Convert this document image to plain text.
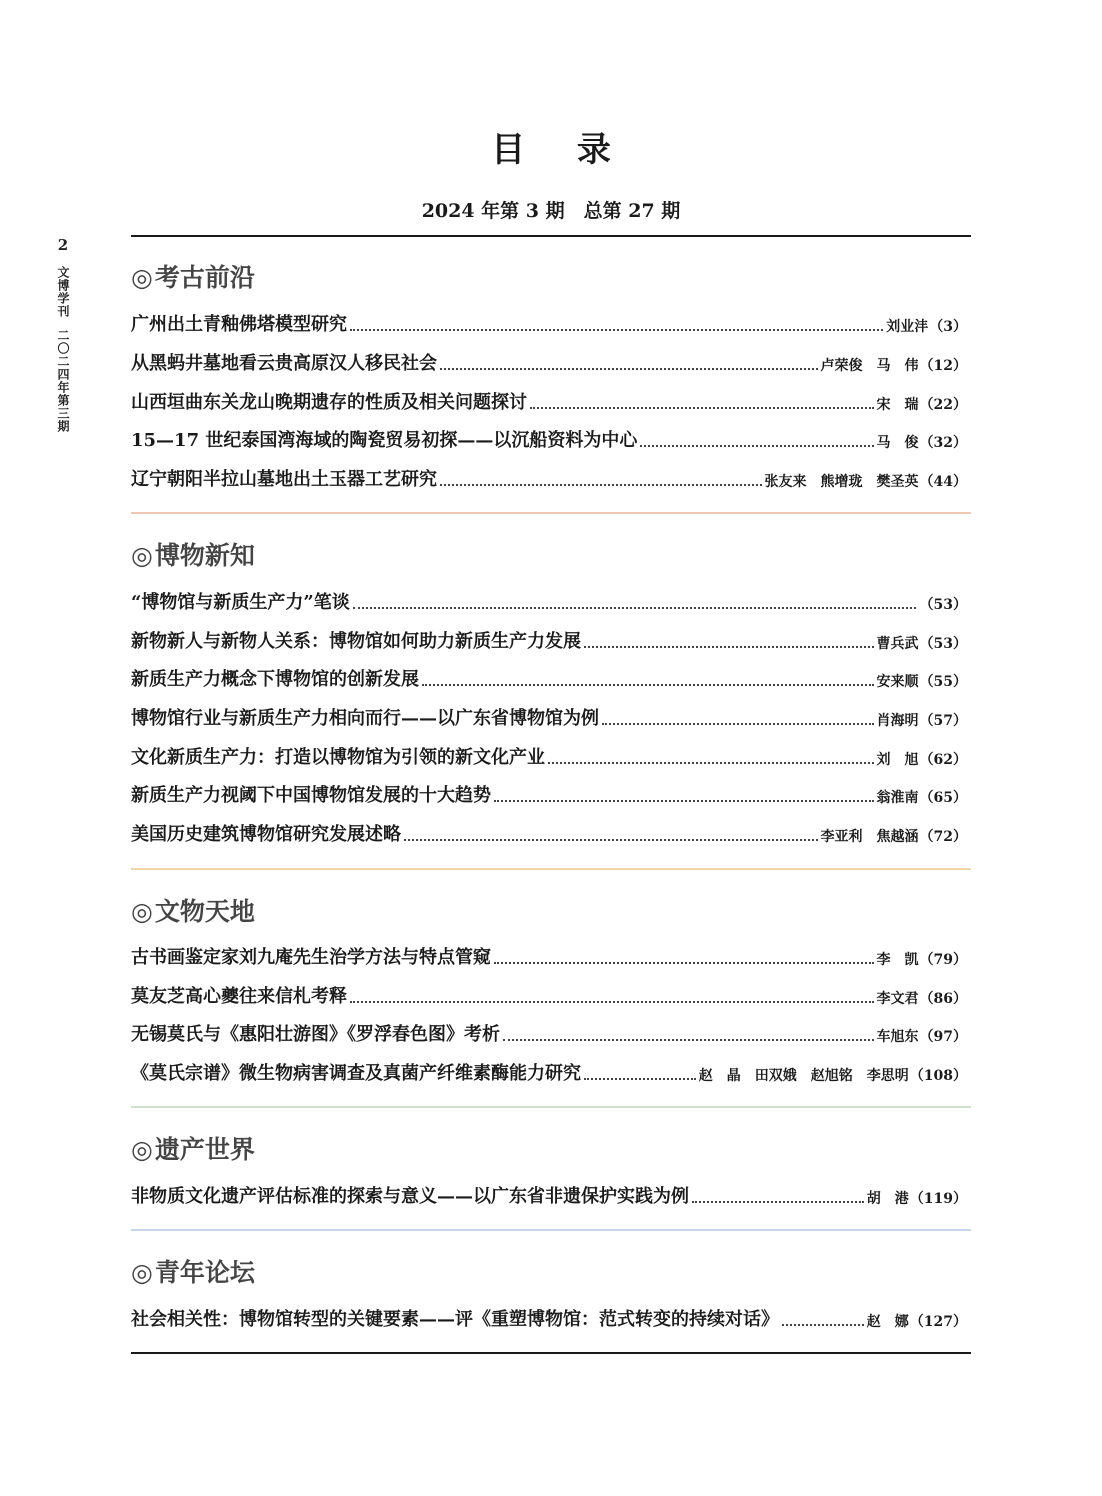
2
文博学刊
二〇二四年第三期
目 录
2024 年第 3 期　总第 27 期
◎考古前沿
广州出土青釉佛塔模型研究	刘业沣 （3）
从黑蚂井墓地看云贵高原汉人移民社会	卢荣俊　马　伟 （12）
山西垣曲东关龙山晚期遗存的性质及相关问题探讨	宋　瑞 （22）
15—17 世纪泰国湾海域的陶瓷贸易初探——以沉船资料为中心	马　俊 （32）
辽宁朝阳半拉山墓地出土玉器工艺研究	张友来　熊增珑　樊圣英 （44）
◎博物新知
“博物馆与新质生产力”笔谈	（53）
新物新人与新物人关系：博物馆如何助力新质生产力发展	曹兵武 （53）
新质生产力概念下博物馆的创新发展	安来顺 （55）
博物馆行业与新质生产力相向而行——以广东省博物馆为例	肖海明 （57）
文化新质生产力：打造以博物馆为引领的新文化产业	刘　旭 （62）
新质生产力视阈下中国博物馆发展的十大趋势	翁淮南 （65）
美国历史建筑博物馆研究发展述略	李亚利　焦越涵 （72）
◎文物天地
古书画鉴定家刘九庵先生治学方法与特点管窥	李　凯 （79）
莫友芝高心夔往来信札考释	李文君 （86）
无锡莫氏与《惠阳壮游图》《罗浮春色图》考析	车旭东 （97）
《莫氏宗谱》微生物病害调查及真菌产纤维素酶能力研究	赵　晶　田双娥　赵旭铭　李思明 （108）
◎遗产世界
非物质文化遗产评估标准的探索与意义——以广东省非遗保护实践为例	胡　港 （119）
◎青年论坛
社会相关性：博物馆转型的关键要素——评《重塑博物馆：范式转变的持续对话》	赵　娜 （127）
